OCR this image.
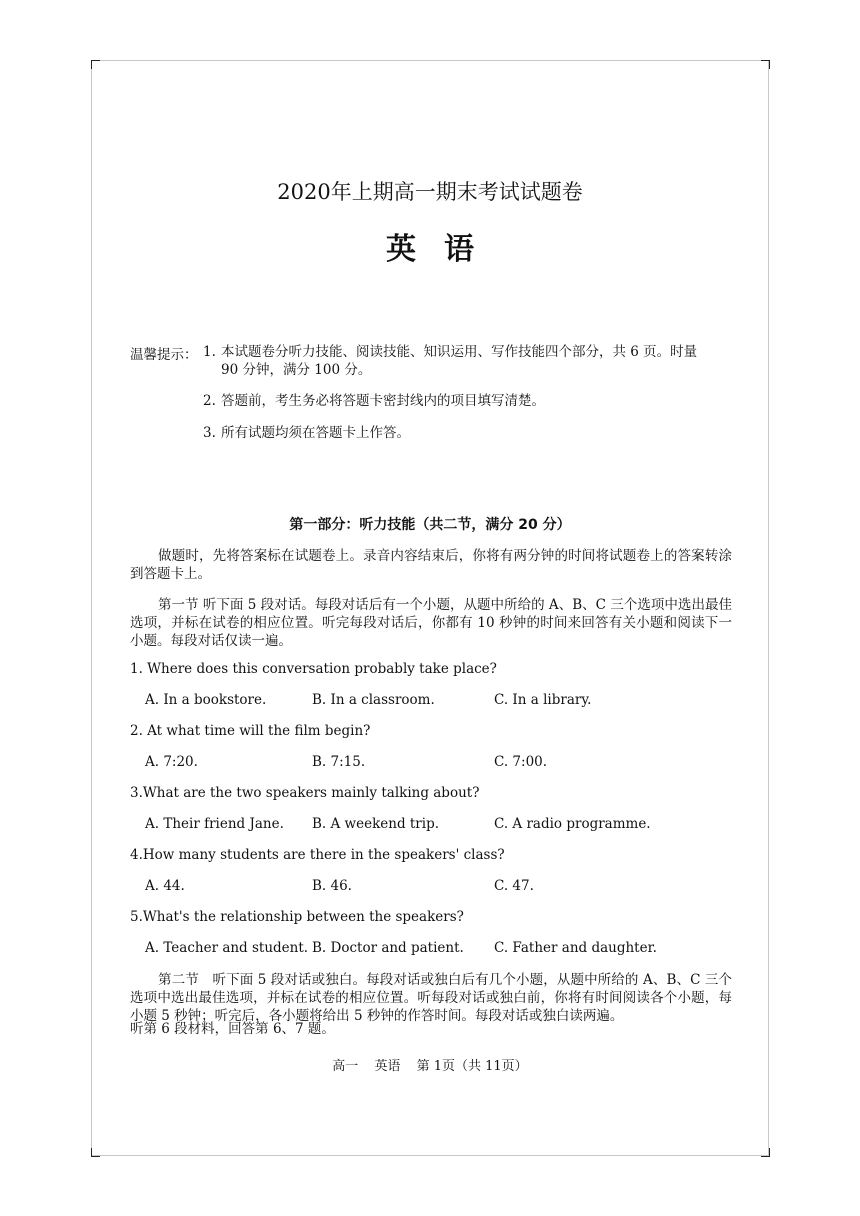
2020年上期高一期末考试试题卷
英语
温馨提示： 1. 本试题卷分听力技能、阅读技能、知识运用、写作技能四个部分，共 6 页。时量
90 分钟，满分 100 分。
2. 答题前，考生务必将答题卡密封线内的项目填写清楚。
3. 所有试题均须在答题卡上作答。
第一部分：听力技能（共二节，满分 20 分）
做题时，先将答案标在试题卷上。录音内容结束后，你将有两分钟的时间将试题卷上的答案转涂到答题卡上。
第一节 听下面 5 段对话。每段对话后有一个小题，从题中所给的 A、B、C 三个选项中选出最佳选项，并标在试卷的相应位置。听完每段对话后，你都有 10 秒钟的时间来回答有关小题和阅读下一小题。每段对话仅读一遍。
1. Where does this conversation probably take place?
A. In a bookstore.	B. In a classroom.	C. In a library.
2. At what time will the film begin?
A. 7:20.	B. 7:15.	C. 7:00.
3.What are the two speakers mainly talking about?
A. Their friend Jane. B. A weekend trip.	C. A radio programme.
4.How many students are there in the speakers' class?
A. 44.	B. 46.	C. 47.
5.What's the relationship between the speakers?
A. Teacher and student. B. Doctor and patient. C. Father and daughter.
第二节　听下面 5 段对话或独白。每段对话或独白后有几个小题，从题中所给的 A、B、C 三个选项中选出最佳选项，并标在试卷的相应位置。听每段对话或独白前，你将有时间阅读各个小题，每小题 5 秒钟；听完后，各小题将给出 5 秒钟的作答时间。每段对话或独白读两遍。
听第 6 段材料，回答第 6、7 题。
高一 英语 第 1页（共 11页）
